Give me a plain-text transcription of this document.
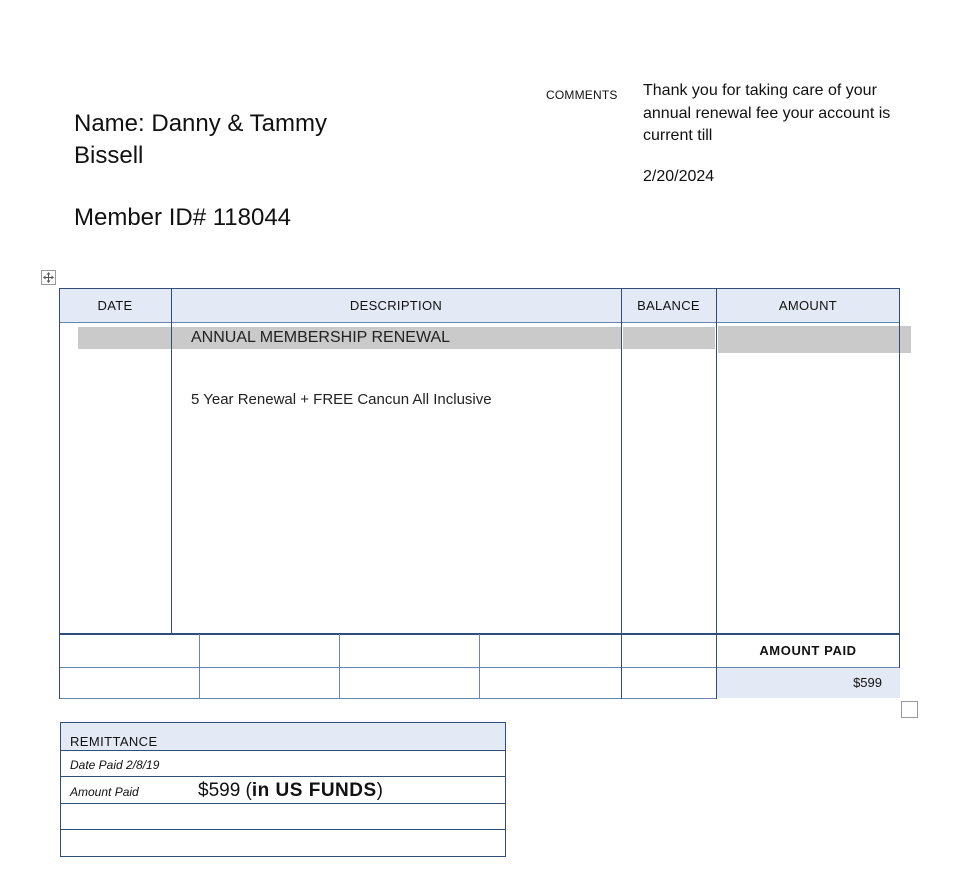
Name: Danny & Tammy
Bissell
Member ID# 118044
COMMENTS Thank you for taking care of your annual renewal fee your account is current till
2/20/2024
DATE	DESCRIPTION	BALANCE	AMOUNT
ANNUAL MEMBERSHIP RENEWAL
5 Year Renewal + FREE Cancun All Inclusive
AMOUNT PAID
$599
REMITTANCE
Date Paid 2/8/19
Amount Paid	$599 (in US FUNDS)
